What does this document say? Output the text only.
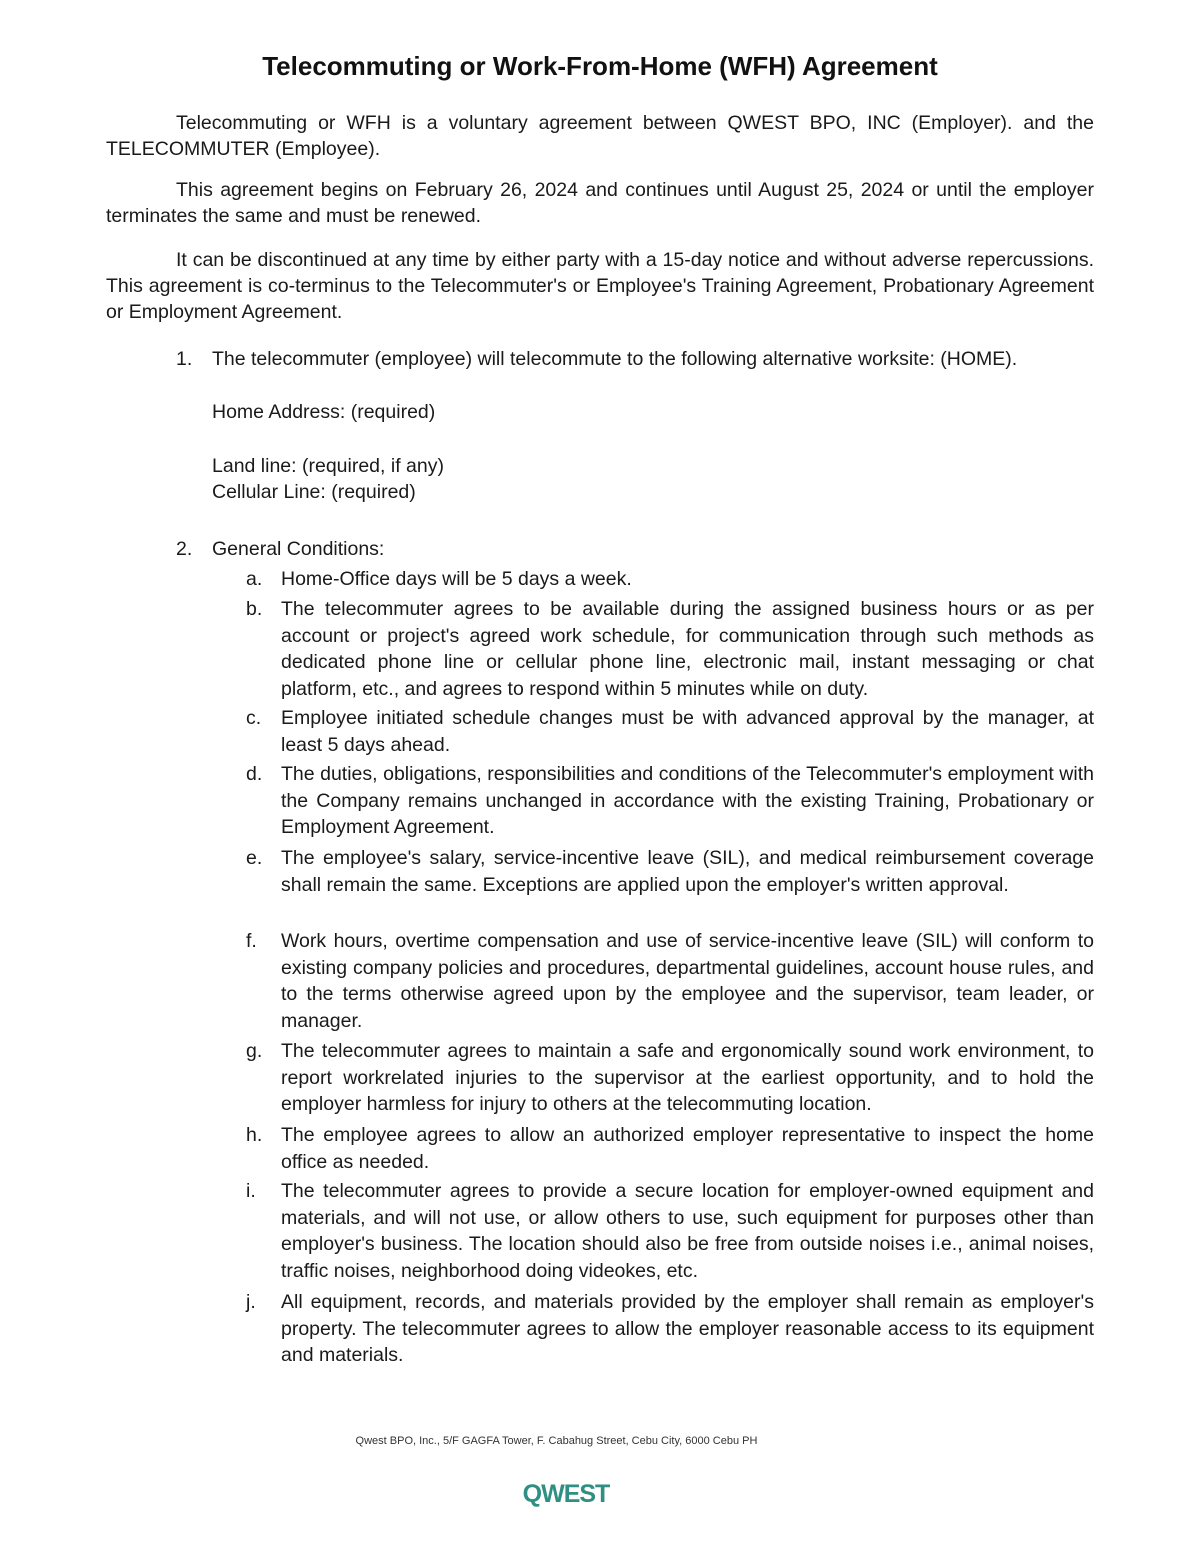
Telecommuting or Work-From-Home (WFH) Agreement

Telecommuting or WFH is a voluntary agreement between QWEST BPO, INC (Employer). and the TELECOMMUTER (Employee).

This agreement begins on February 26, 2024 and continues until August 25, 2024 or until the employer terminates the same and must be renewed.

It can be discontinued at any time by either party with a 15-day notice and without adverse repercussions. This agreement is co-terminus to the Telecommuter's or Employee's Training Agreement, Probationary Agreement or Employment Agreement.

1.	The telecommuter (employee) will telecommute to the following alternative worksite: (HOME).
Home Address: (required)
Land line: (required, if any)
Cellular Line: (required)
2.	General Conditions:
a. Home-Office days will be 5 days a week.

b. The telecommuter agrees to be available during the assigned business hours or as per account or project's agreed work schedule, for communication through such methods as dedicated phone line or cellular phone line, electronic mail, instant messaging or chat platform, etc., and agrees to respond within 5 minutes while on duty.

c.	Employee initiated schedule changes must be with advanced approval by the manager, at least 5 days ahead.

d. The duties, obligations, responsibilities and conditions of the Telecommuter's employment with the Company remains unchanged in accordance with the existing Training, Probationary or Employment Agreement.

e. The employee's salary, service-incentive leave (SIL), and medical reimbursement coverage shall remain the same. Exceptions are applied upon the employer's written approval.

f.	Work hours, overtime compensation and use of service-incentive leave (SIL) will conform to existing company policies and procedures, departmental guidelines, account house rules, and to the terms otherwise agreed upon by the employee and the supervisor, team leader, or manager.

g. The telecommuter agrees to maintain a safe and ergonomically sound work environment, to report workrelated injuries to the supervisor at the earliest opportunity, and to hold the employer harmless for injury to others at the telecommuting location.

h. The employee agrees to allow an authorized employer representative to inspect the home office as needed.

i.	The telecommuter agrees to provide a secure location for employer-owned equipment and materials, and will not use, or allow others to use, such equipment for purposes other than employer's business. The location should also be free from outside noises i.e., animal noises, traffic noises, neighborhood doing videokes, etc.

j.	All equipment, records, and materials provided by the employer shall remain as employer's property. The telecommuter agrees to allow the employer reasonable access to its equipment and materials.

Qwest BPO, Inc., 5/F GAGFA Tower, F. Cabahug Street, Cebu City, 6000 Cebu PH
QWEST
